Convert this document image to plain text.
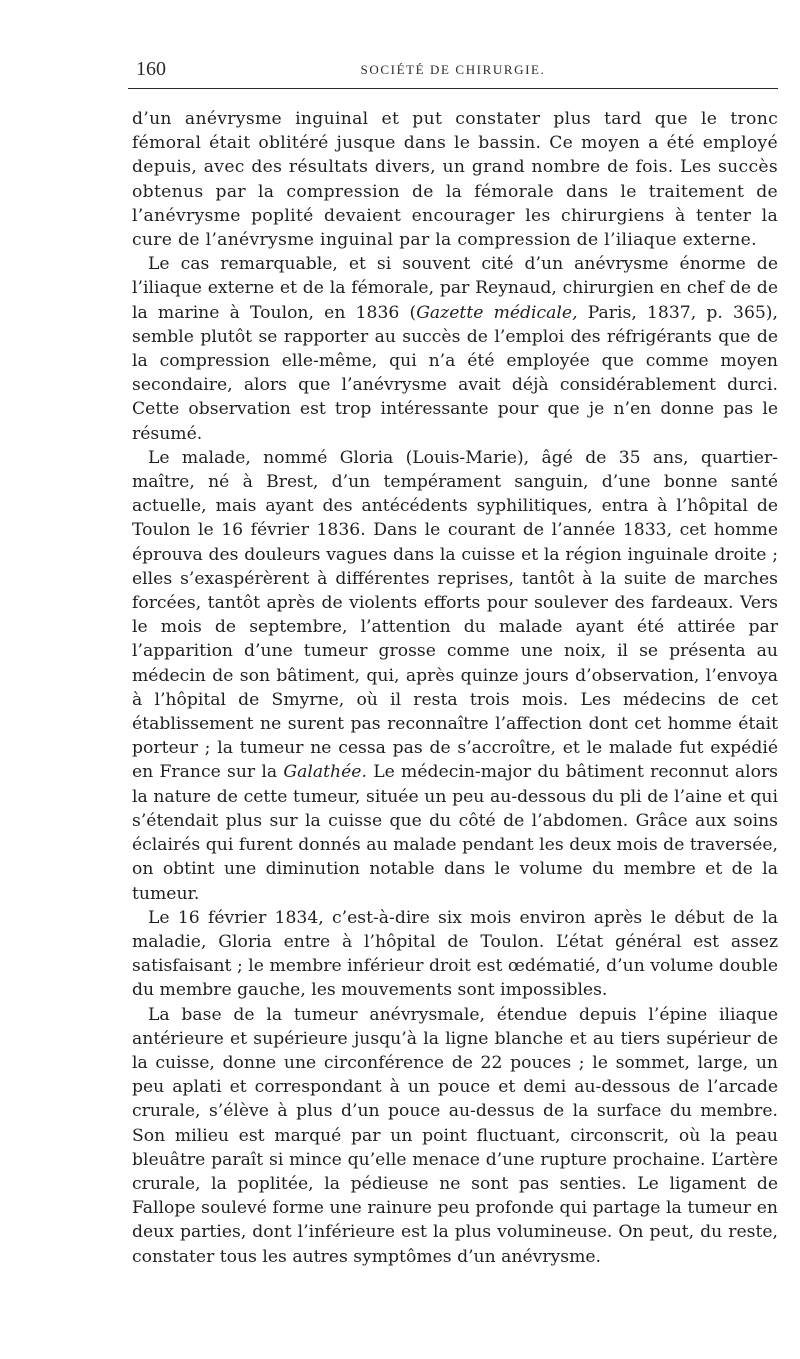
160	SOCIÉTÉ DE CHIRURGIE.

d’un anévrysme inguinal et put constater plus tard que le tronc fémoral était oblitéré jusque dans le bassin. Ce moyen a été employé depuis, avec des résultats divers, un grand nombre de fois. Les succès obtenus par la compression de la fémorale dans le traitement de l’anévrysme poplité devaient encourager les chirurgiens à tenter la cure de l’anévrysme inguinal par la compression de l’iliaque externe.

Le cas remarquable, et si souvent cité d’un anévrysme énorme de l’iliaque externe et de la fémorale, par Reynaud, chirurgien en chef de de la marine à Toulon, en 1836 (Gazette médicale, Paris, 1837, p. 365), semble plutôt se rapporter au succès de l’emploi des réfrigérants que de la compression elle-même, qui n’a été employée que comme moyen secondaire, alors que l’anévrysme avait déjà considérablement durci. Cette observation est trop intéressante pour que je n’en donne pas le résumé.

Le malade, nommé Gloria (Louis-Marie), âgé de 35 ans, quartier-maître, né à Brest, d’un tempérament sanguin, d’une bonne santé actuelle, mais ayant des antécédents syphilitiques, entra à l’hôpital de Toulon le 16 février 1836. Dans le courant de l’année 1833, cet homme éprouva des douleurs vagues dans la cuisse et la région inguinale droite ; elles s’exaspérèrent à différentes reprises, tantôt à la suite de marches forcées, tantôt après de violents efforts pour soulever des fardeaux. Vers le mois de septembre, l’attention du malade ayant été attirée par l’apparition d’une tumeur grosse comme une noix, il se présenta au médecin de son bâtiment, qui, après quinze jours d’observation, l’envoya à l’hôpital de Smyrne, où il resta trois mois. Les médecins de cet établissement ne surent pas reconnaître l’affection dont cet homme était porteur ; la tumeur ne cessa pas de s’accroître, et le malade fut expédié en France sur la Galathée. Le médecin-major du bâtiment reconnut alors la nature de cette tumeur, située un peu au-dessous du pli de l’aine et qui s’étendait plus sur la cuisse que du côté de l’abdomen. Grâce aux soins éclairés qui furent donnés au malade pendant les deux mois de traversée, on obtint une diminution notable dans le volume du membre et de la tumeur.

Le 16 février 1834, c’est-à-dire six mois environ après le début de la maladie, Gloria entre à l’hôpital de Toulon. L’état général est assez satisfaisant ; le membre inférieur droit est œdématié, d’un volume double du membre gauche, les mouvements sont impossibles.

La base de la tumeur anévrysmale, étendue depuis l’épine iliaque antérieure et supérieure jusqu’à la ligne blanche et au tiers supérieur de la cuisse, donne une circonférence de 22 pouces ; le sommet, large, un peu aplati et correspondant à un pouce et demi au-dessous de l’arcade crurale, s’élève à plus d’un pouce au-dessus de la surface du membre. Son milieu est marqué par un point fluctuant, circonscrit, où la peau bleuâtre paraît si mince qu’elle menace d’une rupture prochaine. L’artère crurale, la poplitée, la pédieuse ne sont pas senties. Le ligament de Fallope soulevé forme une rainure peu profonde qui partage la tumeur en deux parties, dont l’inférieure est la plus volumineuse. On peut, du reste, constater tous les autres symptômes d’un anévrysme.
